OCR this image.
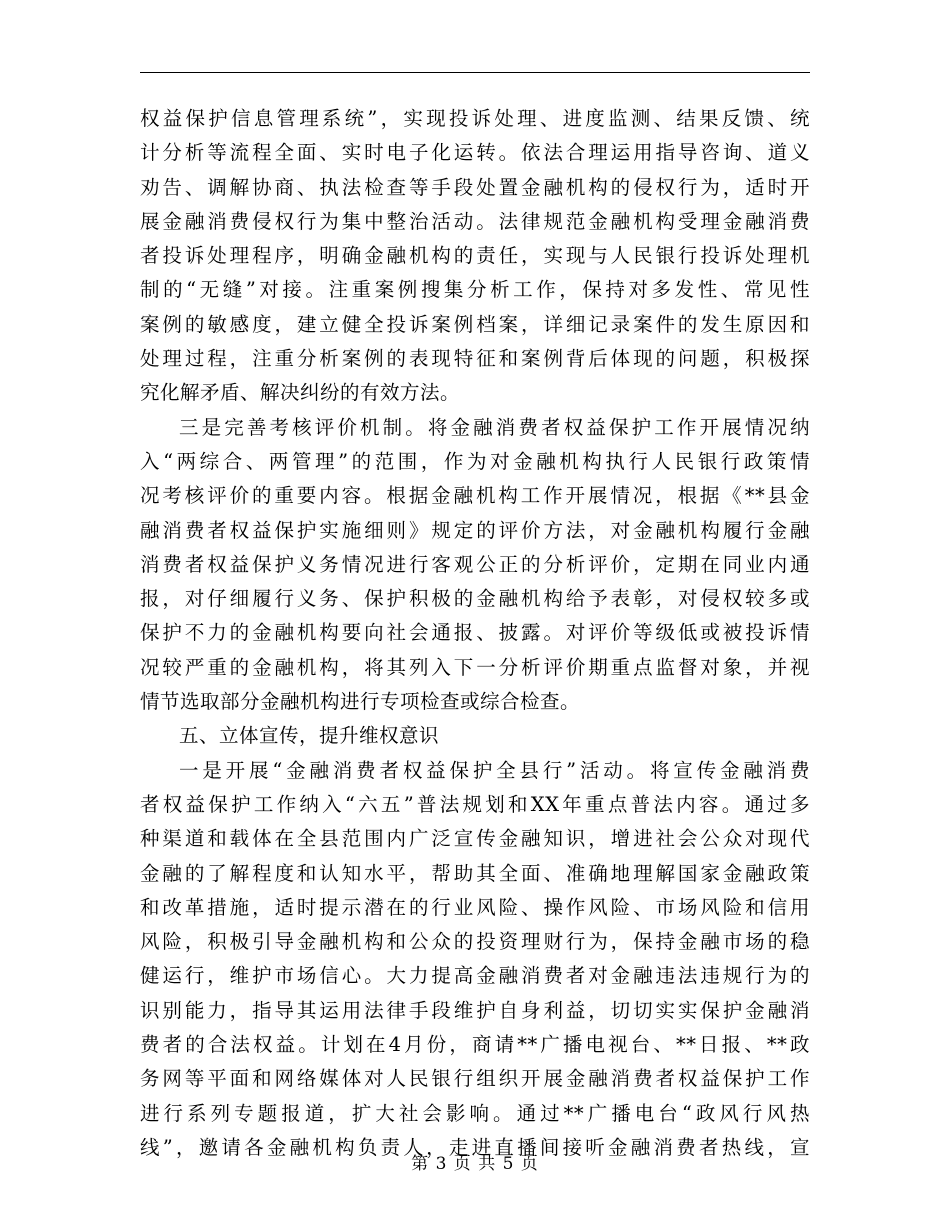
权益保护信息管理系统”，实现投诉处理、进度监测、结果反馈、统
计分析等流程全面、实时电子化运转。依法合理运用指导咨询、道义
劝告、调解协商、执法检查等手段处置金融机构的侵权行为，适时开
展金融消费侵权行为集中整治活动。法律规范金融机构受理金融消费
者投诉处理程序，明确金融机构的责任，实现与人民银行投诉处理机
制的“无缝”对接。注重案例搜集分析工作，保持对多发性、常见性
案例的敏感度，建立健全投诉案例档案，详细记录案件的发生原因和
处理过程，注重分析案例的表现特征和案例背后体现的问题，积极探
究化解矛盾、解决纠纷的有效方法。
三是完善考核评价机制。将金融消费者权益保护工作开展情况纳
入“两综合、两管理”的范围，作为对金融机构执行人民银行政策情
况考核评价的重要内容。根据金融机构工作开展情况，根据《**县金
融消费者权益保护实施细则》规定的评价方法，对金融机构履行金融
消费者权益保护义务情况进行客观公正的分析评价，定期在同业内通
报，对仔细履行义务、保护积极的金融机构给予表彰，对侵权较多或
保护不力的金融机构要向社会通报、披露。对评价等级低或被投诉情
况较严重的金融机构，将其列入下一分析评价期重点监督对象，并视
情节选取部分金融机构进行专项检查或综合检查。
五、立体宣传，提升维权意识
一是开展“金融消费者权益保护全县行”活动。将宣传金融消费
者权益保护工作纳入“六五”普法规划和XX年重点普法内容。通过多
种渠道和载体在全县范围内广泛宣传金融知识，增进社会公众对现代
金融的了解程度和认知水平，帮助其全面、准确地理解国家金融政策
和改革措施，适时提示潜在的行业风险、操作风险、市场风险和信用
风险，积极引导金融机构和公众的投资理财行为，保持金融市场的稳
健运行，维护市场信心。大力提高金融消费者对金融违法违规行为的
识别能力，指导其运用法律手段维护自身利益，切切实实保护金融消
费者的合法权益。计划在4月份，商请**广播电视台、**日报、**政
务网等平面和网络媒体对人民银行组织开展金融消费者权益保护工作
进行系列专题报道，扩大社会影响。通过**广播电台“政风行风热
线”，邀请各金融机构负责人，走进直播间接听金融消费者热线，宣
第 3 页 共 5 页
